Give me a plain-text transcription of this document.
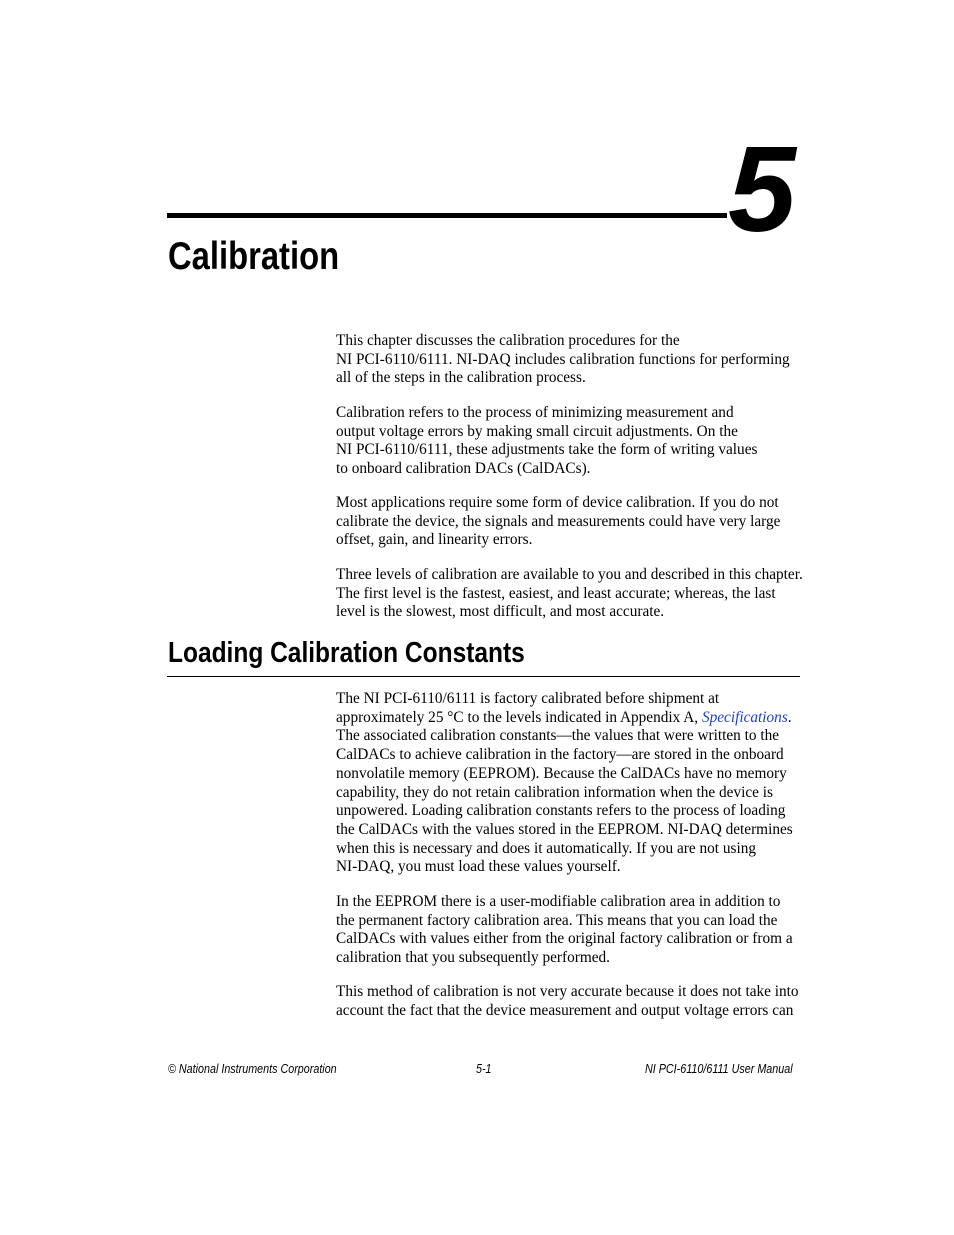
5
Calibration

This chapter discusses the calibration procedures for the

NI PCI-6110/6111. NI-DAQ includes calibration functions for performing

all of the steps in the calibration process.

Calibration refers to the process of minimizing measurement and

output voltage errors by making small circuit adjustments. On the

NI PCI-6110/6111, these adjustments take the form of writing values

to onboard calibration DACs (CalDACs).

Most applications require some form of device calibration. If you do not

calibrate the device, the signals and measurements could have very large

offset, gain, and linearity errors.

Three levels of calibration are available to you and described in this chapter.

The first level is the fastest, easiest, and least accurate; whereas, the last

level is the slowest, most difficult, and most accurate.

Loading Calibration Constants

The NI PCI-6110/6111 is factory calibrated before shipment at

approximately 25 °C to the levels indicated in Appendix A, Specifications.

The associated calibration constants—the values that were written to the

CalDACs to achieve calibration in the factory—are stored in the onboard

nonvolatile memory (EEPROM). Because the CalDACs have no memory

capability, they do not retain calibration information when the device is

unpowered. Loading calibration constants refers to the process of loading

the CalDACs with the values stored in the EEPROM. NI-DAQ determines

when this is necessary and does it automatically. If you are not using

NI-DAQ, you must load these values yourself.

In the EEPROM there is a user-modifiable calibration area in addition to

the permanent factory calibration area. This means that you can load the

CalDACs with values either from the original factory calibration or from a

calibration that you subsequently performed.

This method of calibration is not very accurate because it does not take into

account the fact that the device measurement and output voltage errors can

© National Instruments Corporation	5-1	NI PCI-6110/6111 User Manual
